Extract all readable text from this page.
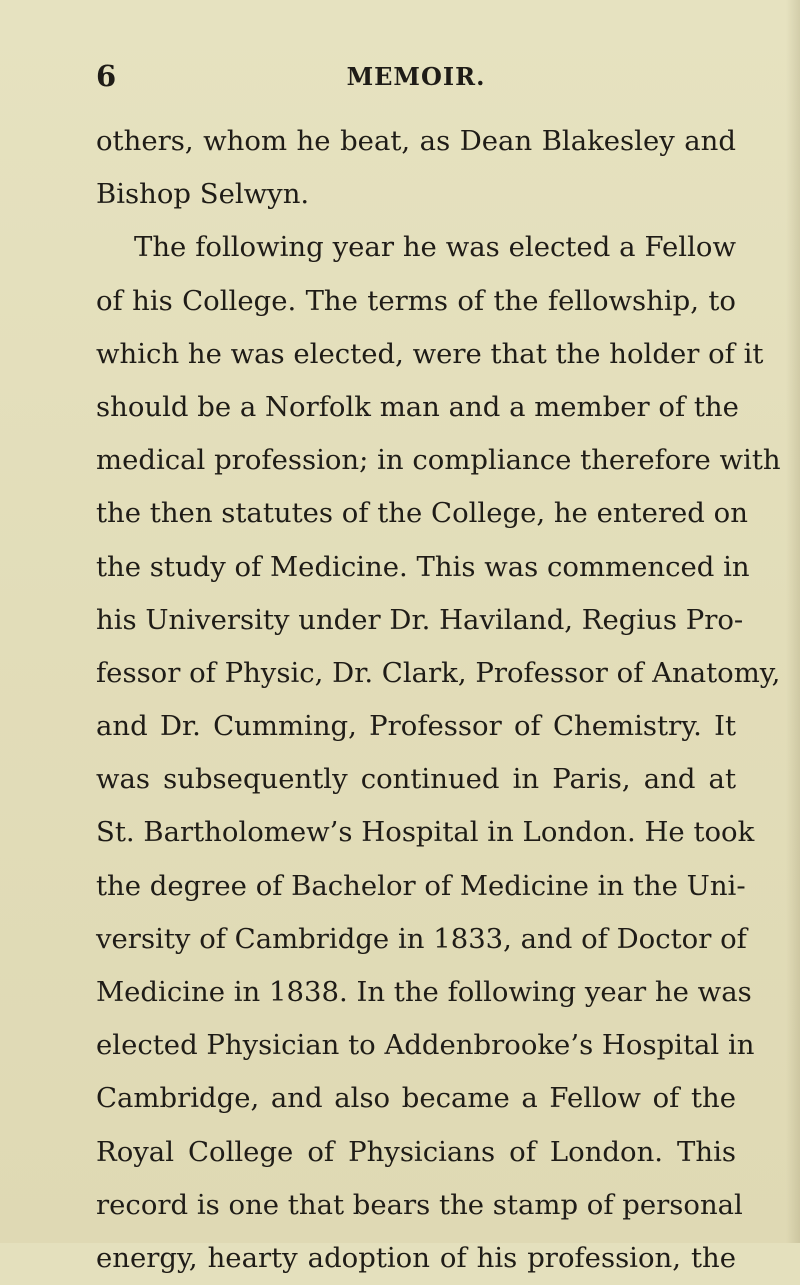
6	MEMOIR.
others, whom he beat, as Dean Blakesley and
Bishop Selwyn.
The following year he was elected a Fellow
of his College. The terms of the fellowship, to
which he was elected, were that the holder of it
should be a Norfolk man and a member of the
medical profession; in compliance therefore with
the then statutes of the College, he entered on
the study of Medicine. This was commenced in
his University under Dr. Haviland, Regius Pro-
fessor of Physic, Dr. Clark, Professor of Anatomy,
and Dr. Cumming, Professor of Chemistry. It
was subsequently continued in Paris, and at
St. Bartholomew’s Hospital in London. He took
the degree of Bachelor of Medicine in the Uni-
versity of Cambridge in 1833, and of Doctor of
Medicine in 1838. In the following year he was
elected Physician to Addenbrooke’s Hospital in
Cambridge, and also became a Fellow of the
Royal College of Physicians of London. This
record is one that bears the stamp of personal
energy, hearty adoption of his profession, the
